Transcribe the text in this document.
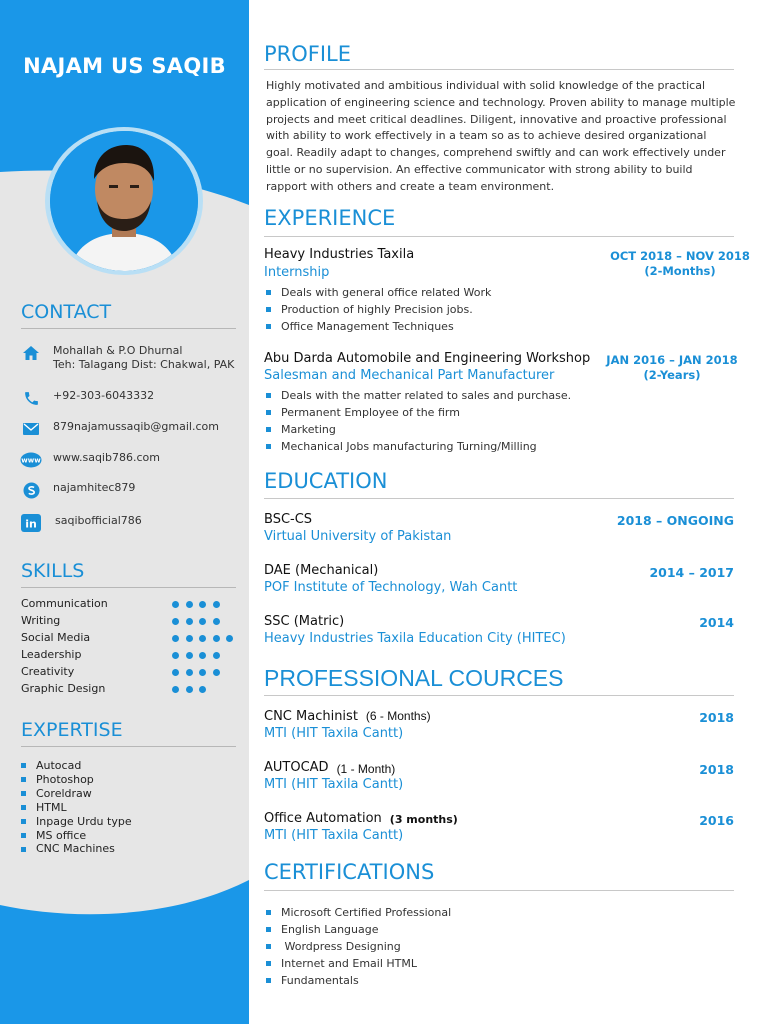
NAJAM US SAQIB
CONTACT
Mohallah & P.O Dhurnal
Teh: Talagang Dist: Chakwal, PAK
+92-303-6043332
879najamussaqib@gmail.com
www www.saqib786.com
najamhitec879
in saqibofficial786
SKILLS
Communication
Writing
Social Media
Leadership
Creativity
Graphic Design
EXPERTISE
Autocad
Photoshop
Coreldraw
HTML
Inpage Urdu type
MS office
CNC Machines
PROFILE
Highly motivated and ambitious individual with solid knowledge of the practical application of engineering science and technology. Proven ability to manage multiple projects and meet critical deadlines. Diligent, innovative and proactive professional with ability to work effectively in a team so as to achieve desired organizational goal. Readily adapt to changes, comprehend swiftly and can work effectively under little or no supervision. An effective communicator with strong ability to build rapport with others and create a team environment.
EXPERIENCE
Heavy Industries Taxila
Internship
OCT 2018 – NOV 2018
(2-Months)
Deals with general office related Work
Production of highly Precision jobs.
Office Management Techniques
Abu Darda Automobile and Engineering Workshop
Salesman and Mechanical Part Manufacturer
JAN 2016 – JAN 2018
(2-Years)
Deals with the matter related to sales and purchase.
Permanent Employee of the firm
Marketing
Mechanical Jobs manufacturing Turning/Milling
EDUCATION
BSC-CS
Virtual University of Pakistan
2018 – ONGOING
DAE (Mechanical)
POF Institute of Technology, Wah Cantt
2014 – 2017
SSC (Matric)
Heavy Industries Taxila Education City (HITEC)
2014
PROFESSIONAL COURCES
CNC Machinist (6 - Months)
MTI (HIT Taxila Cantt)
2018
AUTOCAD (1 - Month)
MTI (HIT Taxila Cantt)
2018
Office Automation (3 months)
MTI (HIT Taxila Cantt)
2016
CERTIFICATIONS
Microsoft Certified Professional
English Language
Wordpress Designing
Internet and Email HTML
Fundamentals
